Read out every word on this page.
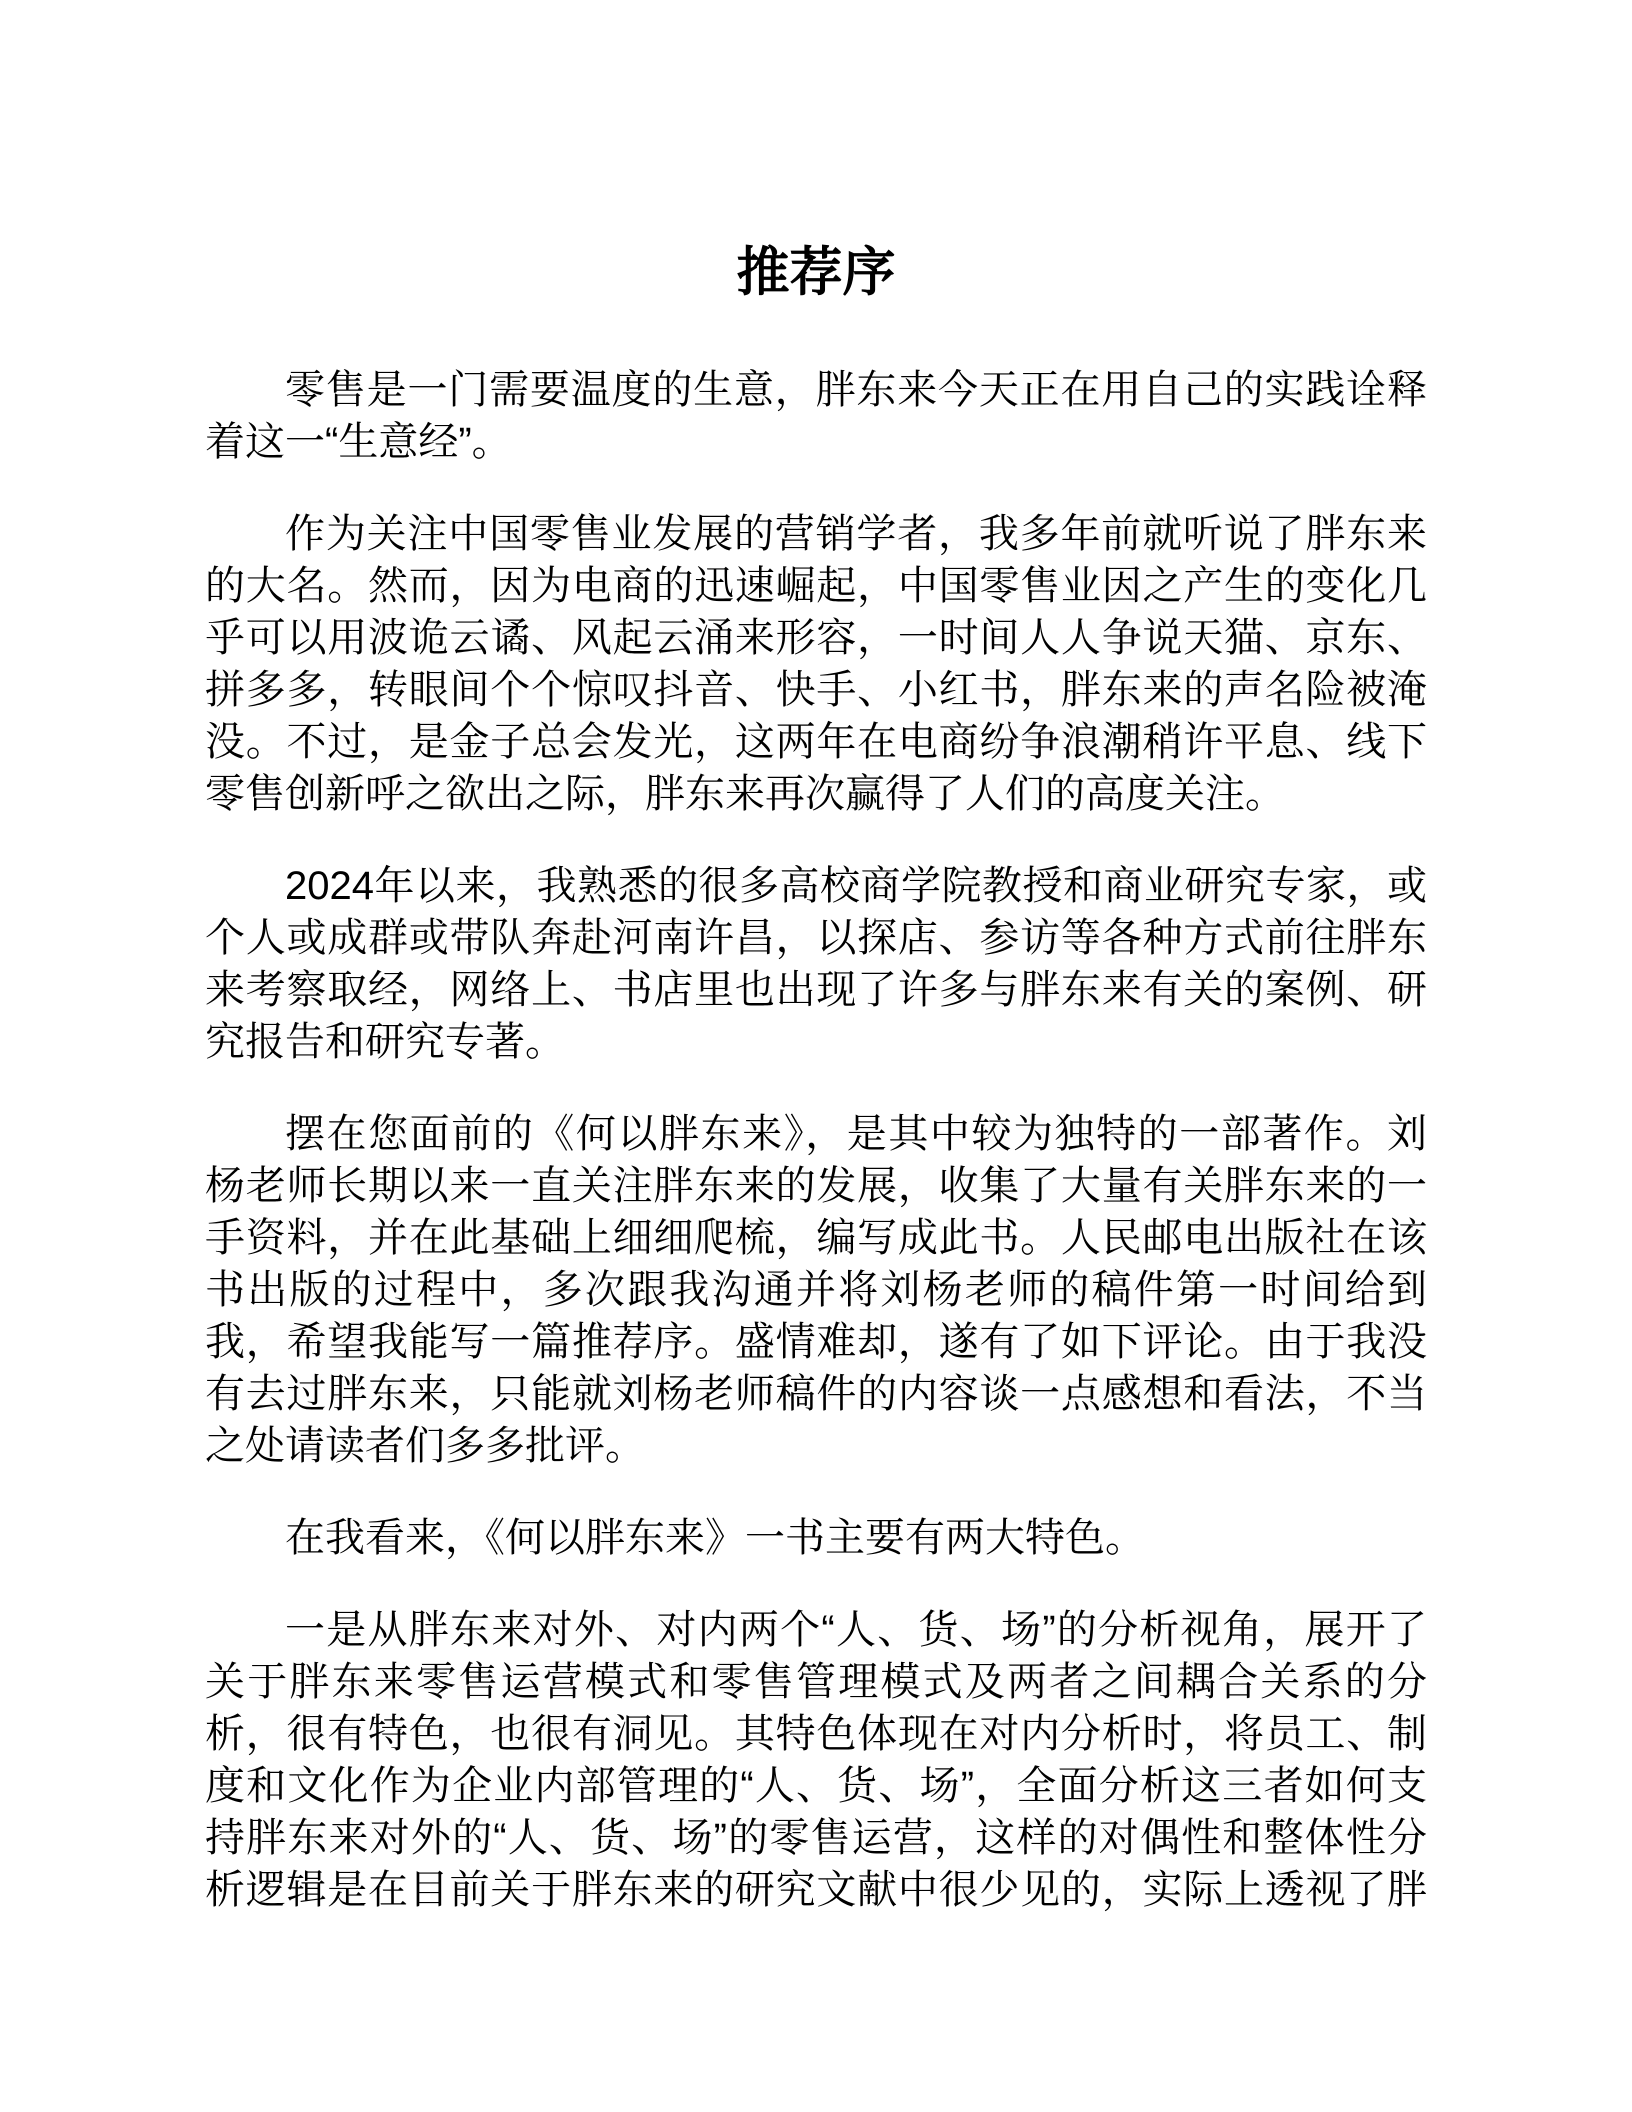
推荐序
零售是一门需要温度的生意，胖东来今天正在用自己的实践诠释
着这一“生意经”。
作为关注中国零售业发展的营销学者，我多年前就听说了胖东来
的大名。然而，因为电商的迅速崛起，中国零售业因之产生的变化几
乎可以用波诡云谲、风起云涌来形容，一时间人人争说天猫、京东、
拼多多，转眼间个个惊叹抖音、快手、小红书，胖东来的声名险被淹
没。不过，是金子总会发光，这两年在电商纷争浪潮稍许平息、线下
零售创新呼之欲出之际，胖东来再次赢得了人们的高度关注。
2024年以来，我熟悉的很多高校商学院教授和商业研究专家，或
个人或成群或带队奔赴河南许昌，以探店、参访等各种方式前往胖东
来考察取经，网络上、书店里也出现了许多与胖东来有关的案例、研
究报告和研究专著。
摆在您面前的《何以胖东来》，是其中较为独特的一部著作。刘
杨老师长期以来一直关注胖东来的发展，收集了大量有关胖东来的一
手资料，并在此基础上细细爬梳，编写成此书。人民邮电出版社在该
书出版的过程中，多次跟我沟通并将刘杨老师的稿件第一时间给到
我，希望我能写一篇推荐序。盛情难却，遂有了如下评论。由于我没
有去过胖东来，只能就刘杨老师稿件的内容谈一点感想和看法，不当
之处请读者们多多批评。
在我看来，《何以胖东来》一书主要有两大特色。
一是从胖东来对外、对内两个“人、货、场”的分析视角，展开了
关于胖东来零售运营模式和零售管理模式及两者之间耦合关系的分
析，很有特色，也很有洞见。其特色体现在对内分析时，将员工、制
度和文化作为企业内部管理的“人、货、场”，全面分析这三者如何支
持胖东来对外的“人、货、场”的零售运营，这样的对偶性和整体性分
析逻辑是在目前关于胖东来的研究文献中很少见的，实际上透视了胖
